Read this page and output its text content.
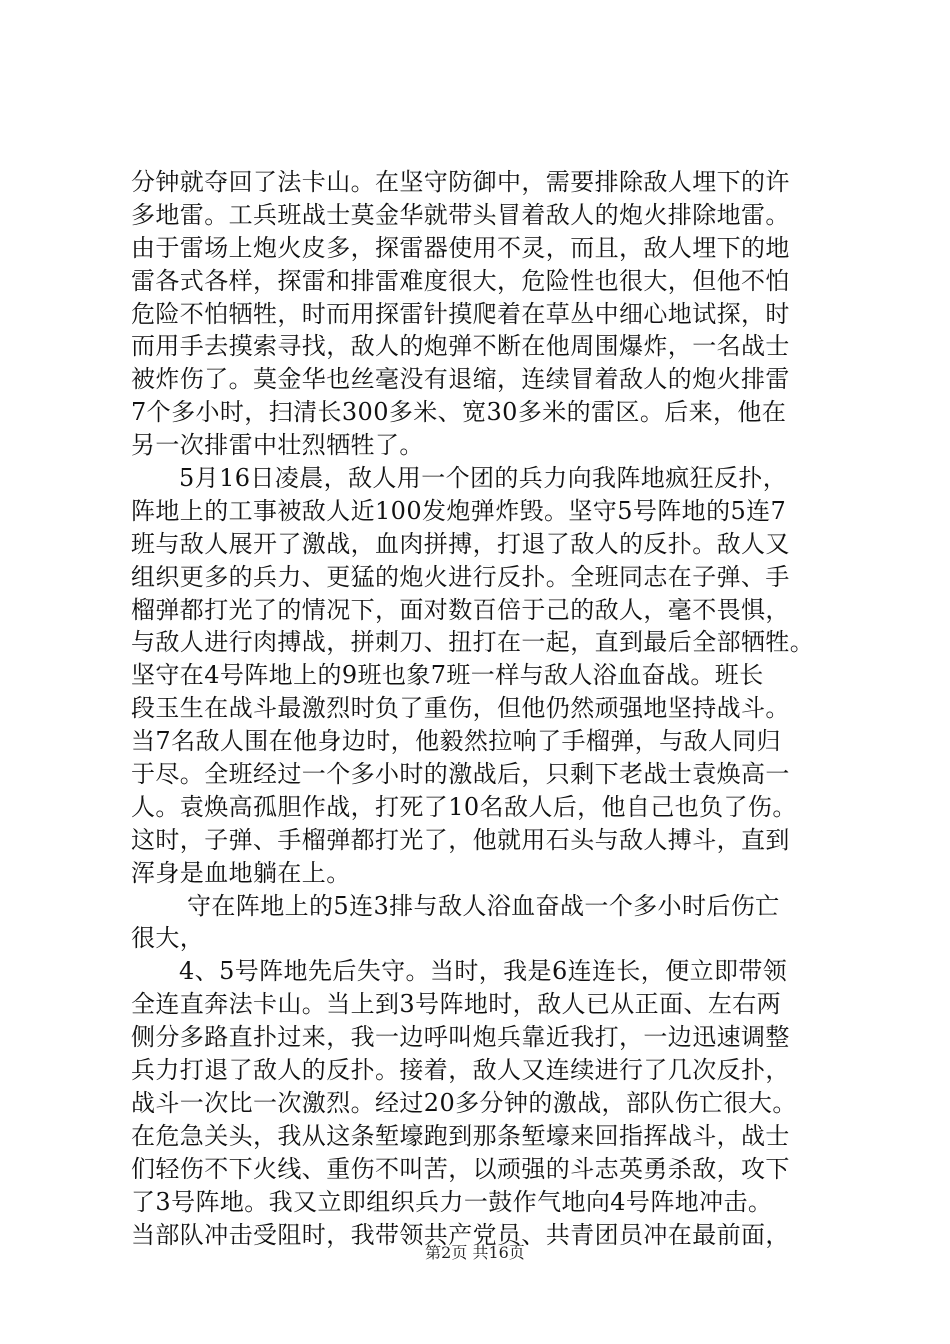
分钟就夺回了法卡山。在坚守防御中，需要排除敌人埋下的许
多地雷。工兵班战士莫金华就带头冒着敌人的炮火排除地雷。
由于雷场上炮火皮多，探雷器使用不灵，而且，敌人埋下的地
雷各式各样，探雷和排雷难度很大，危险性也很大，但他不怕
危险不怕牺牲，时而用探雷针摸爬着在草丛中细心地试探，时
而用手去摸索寻找，敌人的炮弹不断在他周围爆炸，一名战士
被炸伤了。莫金华也丝毫没有退缩，连续冒着敌人的炮火排雷
7个多小时，扫清长300多米、宽30多米的雷区。后来，他在
另一次排雷中壮烈牺牲了。
5月16日凌晨，敌人用一个团的兵力向我阵地疯狂反扑，
阵地上的工事被敌人近100发炮弹炸毁。坚守5号阵地的5连7
班与敌人展开了激战，血肉拼搏，打退了敌人的反扑。敌人又
组织更多的兵力、更猛的炮火进行反扑。全班同志在子弹、手
榴弹都打光了的情况下，面对数百倍于己的敌人，毫不畏惧，
与敌人进行肉搏战，拼刺刀、扭打在一起，直到最后全部牺牲。
坚守在4号阵地上的9班也象7班一样与敌人浴血奋战。班长
段玉生在战斗最激烈时负了重伤，但他仍然顽强地坚持战斗。
当7名敌人围在他身边时，他毅然拉响了手榴弹，与敌人同归
于尽。全班经过一个多小时的激战后，只剩下老战士袁焕高一
人。袁焕高孤胆作战，打死了10名敌人后，他自己也负了伤。
这时，子弹、手榴弹都打光了，他就用石头与敌人搏斗，直到
浑身是血地躺在上。
守在阵地上的5连3排与敌人浴血奋战一个多小时后伤亡
很大，
4、5号阵地先后失守。当时，我是6连连长，便立即带领
全连直奔法卡山。当上到3号阵地时，敌人已从正面、左右两
侧分多路直扑过来，我一边呼叫炮兵靠近我打，一边迅速调整
兵力打退了敌人的反扑。接着，敌人又连续进行了几次反扑，
战斗一次比一次激烈。经过20多分钟的激战，部队伤亡很大。
在危急关头，我从这条堑壕跑到那条堑壕来回指挥战斗，战士
们轻伤不下火线、重伤不叫苦，以顽强的斗志英勇杀敌，攻下
了3号阵地。我又立即组织兵力一鼓作气地向4号阵地冲击。
当部队冲击受阻时，我带领共产党员、共青团员冲在最前面，
第2页 共16页
